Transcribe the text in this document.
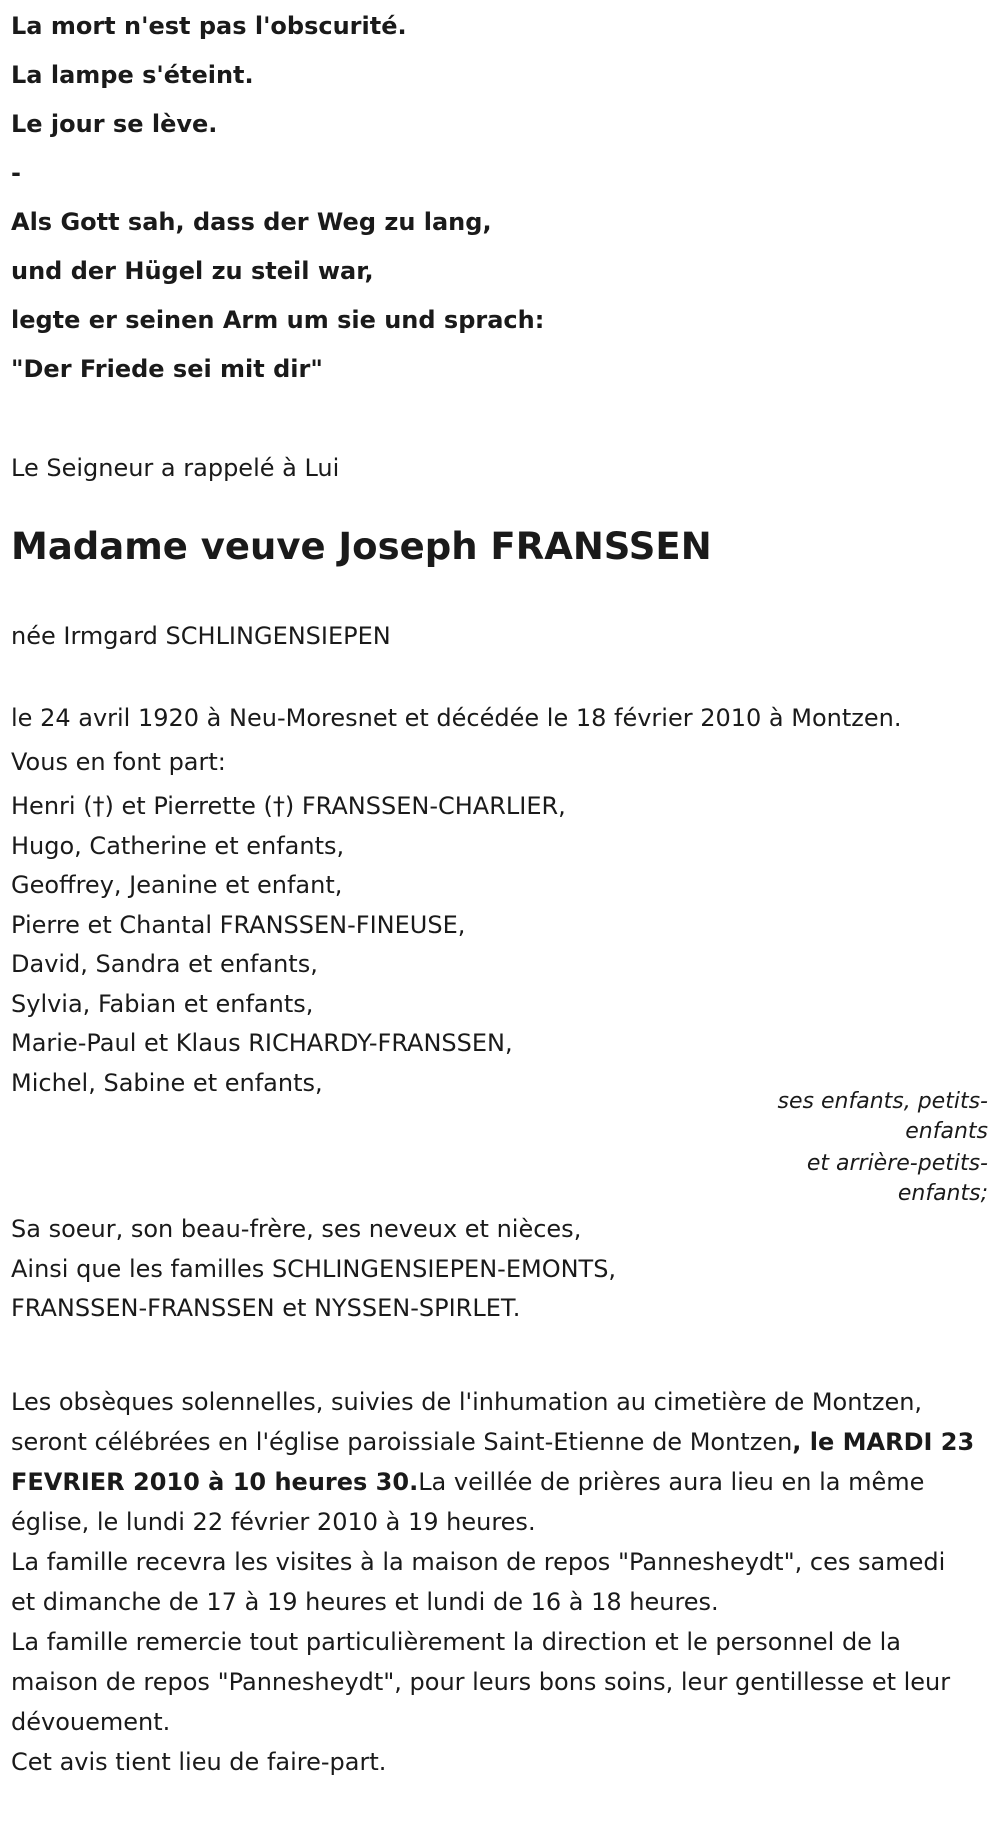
La mort n'est pas l'obscurité.
La lampe s'éteint.
Le jour se lève.
-
Als Gott sah, dass der Weg zu lang,
und der Hügel zu steil war,
legte er seinen Arm um sie und sprach:
"Der Friede sei mit dir"
Le Seigneur a rappelé à Lui
Madame veuve Joseph FRANSSEN
née Irmgard SCHLINGENSIEPEN
le 24 avril 1920 à Neu-Moresnet et décédée le 18 février 2010 à Montzen.
Vous en font part:
Henri (†) et Pierrette (†) FRANSSEN-CHARLIER,
Hugo, Catherine et enfants,
Geoffrey, Jeanine et enfant,
Pierre et Chantal FRANSSEN-FINEUSE,
David, Sandra et enfants,
Sylvia, Fabian et enfants,
Marie-Paul et Klaus RICHARDY-FRANSSEN,
Michel, Sabine et enfants,
ses enfants, petits-enfants
et arrière-petits-enfants;
Sa soeur, son beau-frère, ses neveux et nièces,
Ainsi que les familles SCHLINGENSIEPEN-EMONTS,
FRANSSEN-FRANSSEN et NYSSEN-SPIRLET.
Les obsèques solennelles, suivies de l'inhumation au cimetière de Montzen, seront célébrées en l'église paroissiale Saint-Etienne de Montzen, le MARDI 23 FEVRIER 2010 à 10 heures 30.La veillée de prières aura lieu en la même église, le lundi 22 février 2010 à 19 heures.
La famille recevra les visites à la maison de repos "Pannesheydt", ces samedi et dimanche de 17 à 19 heures et lundi de 16 à 18 heures.
La famille remercie tout particulièrement la direction et le personnel de la maison de repos "Pannesheydt", pour leurs bons soins, leur gentillesse et leur dévouement.
Cet avis tient lieu de faire-part.
